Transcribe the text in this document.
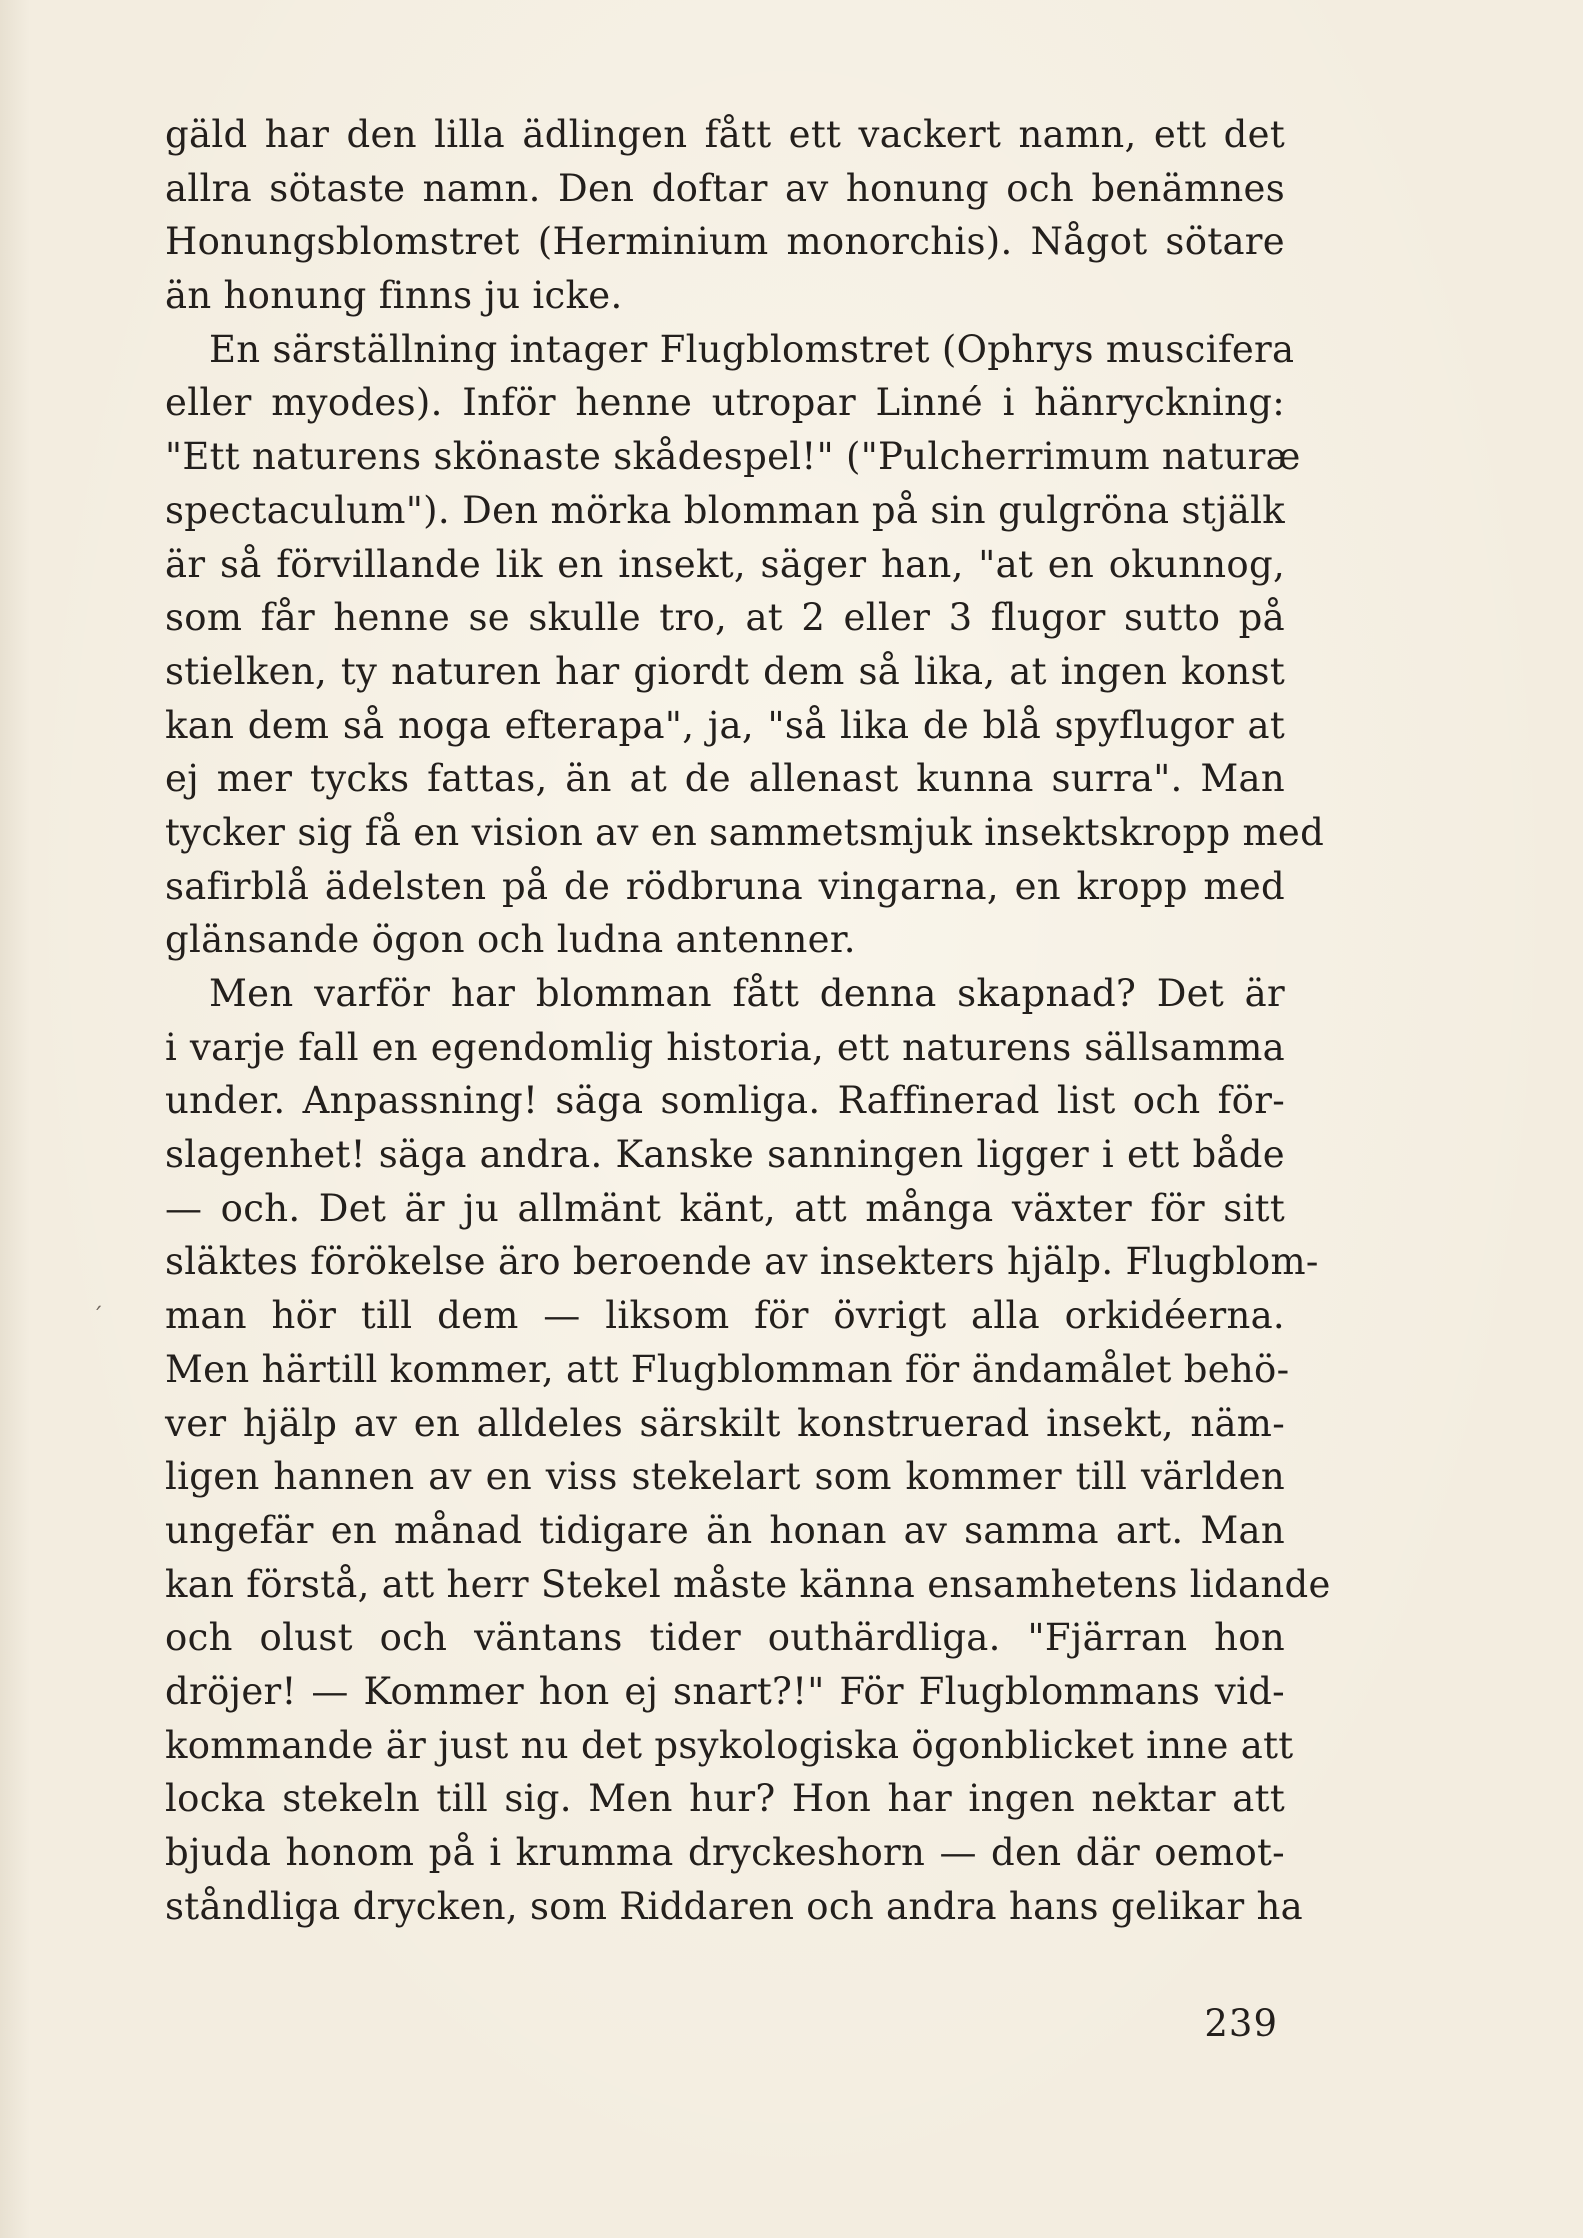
gäld har den lilla ädlingen fått ett vackert namn, ett det
allra sötaste namn. Den doftar av honung och benämnes
Honungsblomstret (Herminium monorchis). Något sötare
än honung finns ju icke.
En särställning intager Flugblomstret (Ophrys muscifera
eller myodes). Inför henne utropar Linné i hänryckning:
"Ett naturens skönaste skådespel!" ("Pulcherrimum naturæ
spectaculum"). Den mörka blomman på sin gulgröna stjälk
är så förvillande lik en insekt, säger han, "at en okunnog,
som får henne se skulle tro, at 2 eller 3 flugor sutto på
stielken, ty naturen har giordt dem så lika, at ingen konst
kan dem så noga efterapa", ja, "så lika de blå spyflugor at
ej mer tycks fattas, än at de allenast kunna surra". Man
tycker sig få en vision av en sammetsmjuk insektskropp med
safirblå ädelsten på de rödbruna vingarna, en kropp med
glänsande ögon och ludna antenner.
Men varför har blomman fått denna skapnad? Det är
i varje fall en egendomlig historia, ett naturens sällsamma
under. Anpassning! säga somliga. Raffinerad list och för-
slagenhet! säga andra. Kanske sanningen ligger i ett både
— och. Det är ju allmänt känt, att många växter för sitt
släktes förökelse äro beroende av insekters hjälp. Flugblom-
man hör till dem — liksom för övrigt alla orkidéerna.
Men härtill kommer, att Flugblomman för ändamålet behö-
ver hjälp av en alldeles särskilt konstruerad insekt, näm-
ligen hannen av en viss stekelart som kommer till världen
ungefär en månad tidigare än honan av samma art. Man
kan förstå, att herr Stekel måste känna ensamhetens lidande
och olust och väntans tider outhärdliga. "Fjärran hon
dröjer! — Kommer hon ej snart?!" För Flugblommans vid-
kommande är just nu det psykologiska ögonblicket inne att
locka stekeln till sig. Men hur? Hon har ingen nektar att
bjuda honom på i krumma dryckeshorn — den där oemot-
ståndliga drycken, som Riddaren och andra hans gelikar ha
´
239
